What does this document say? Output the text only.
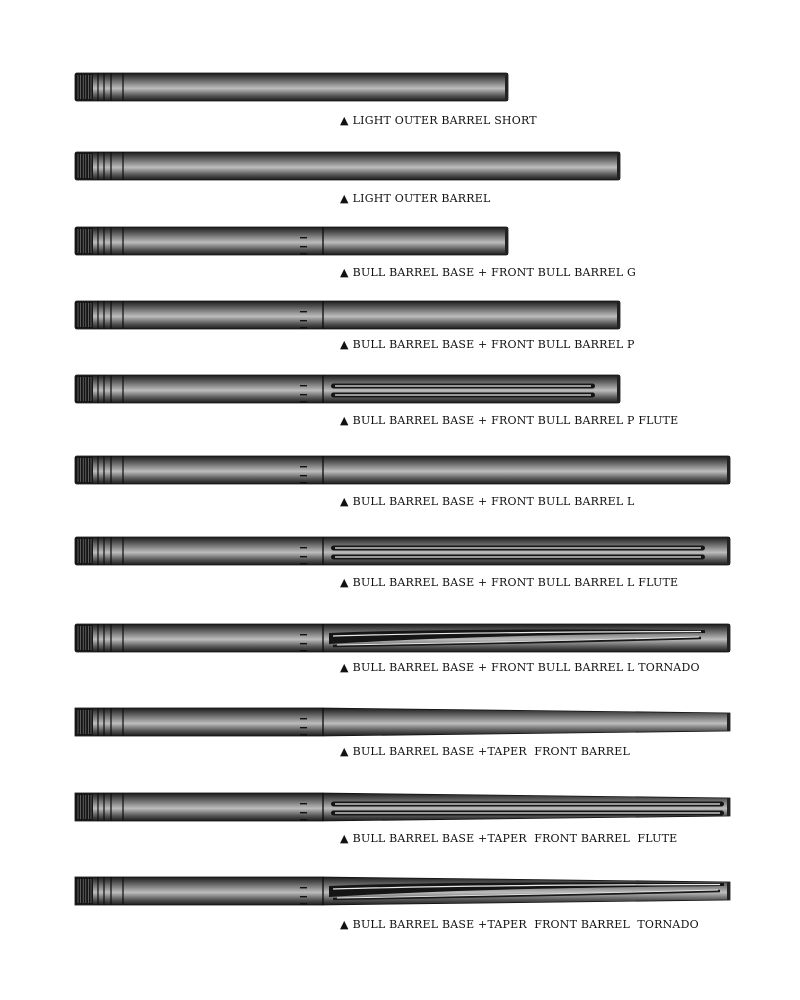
▲ LIGHT OUTER BARREL SHORT
▲ LIGHT OUTER BARREL
▲ BULL BARREL BASE + FRONT BULL BARREL G
▲ BULL BARREL BASE + FRONT BULL BARREL P
▲ BULL BARREL BASE + FRONT BULL BARREL P FLUTE
▲ BULL BARREL BASE + FRONT BULL BARREL L
▲ BULL BARREL BASE + FRONT BULL BARREL L FLUTE
▲ BULL BARREL BASE + FRONT BULL BARREL L TORNADO
▲ BULL BARREL BASE +TAPER  FRONT BARREL
▲ BULL BARREL BASE +TAPER  FRONT BARREL  FLUTE
▲ BULL BARREL BASE +TAPER  FRONT BARREL  TORNADO
